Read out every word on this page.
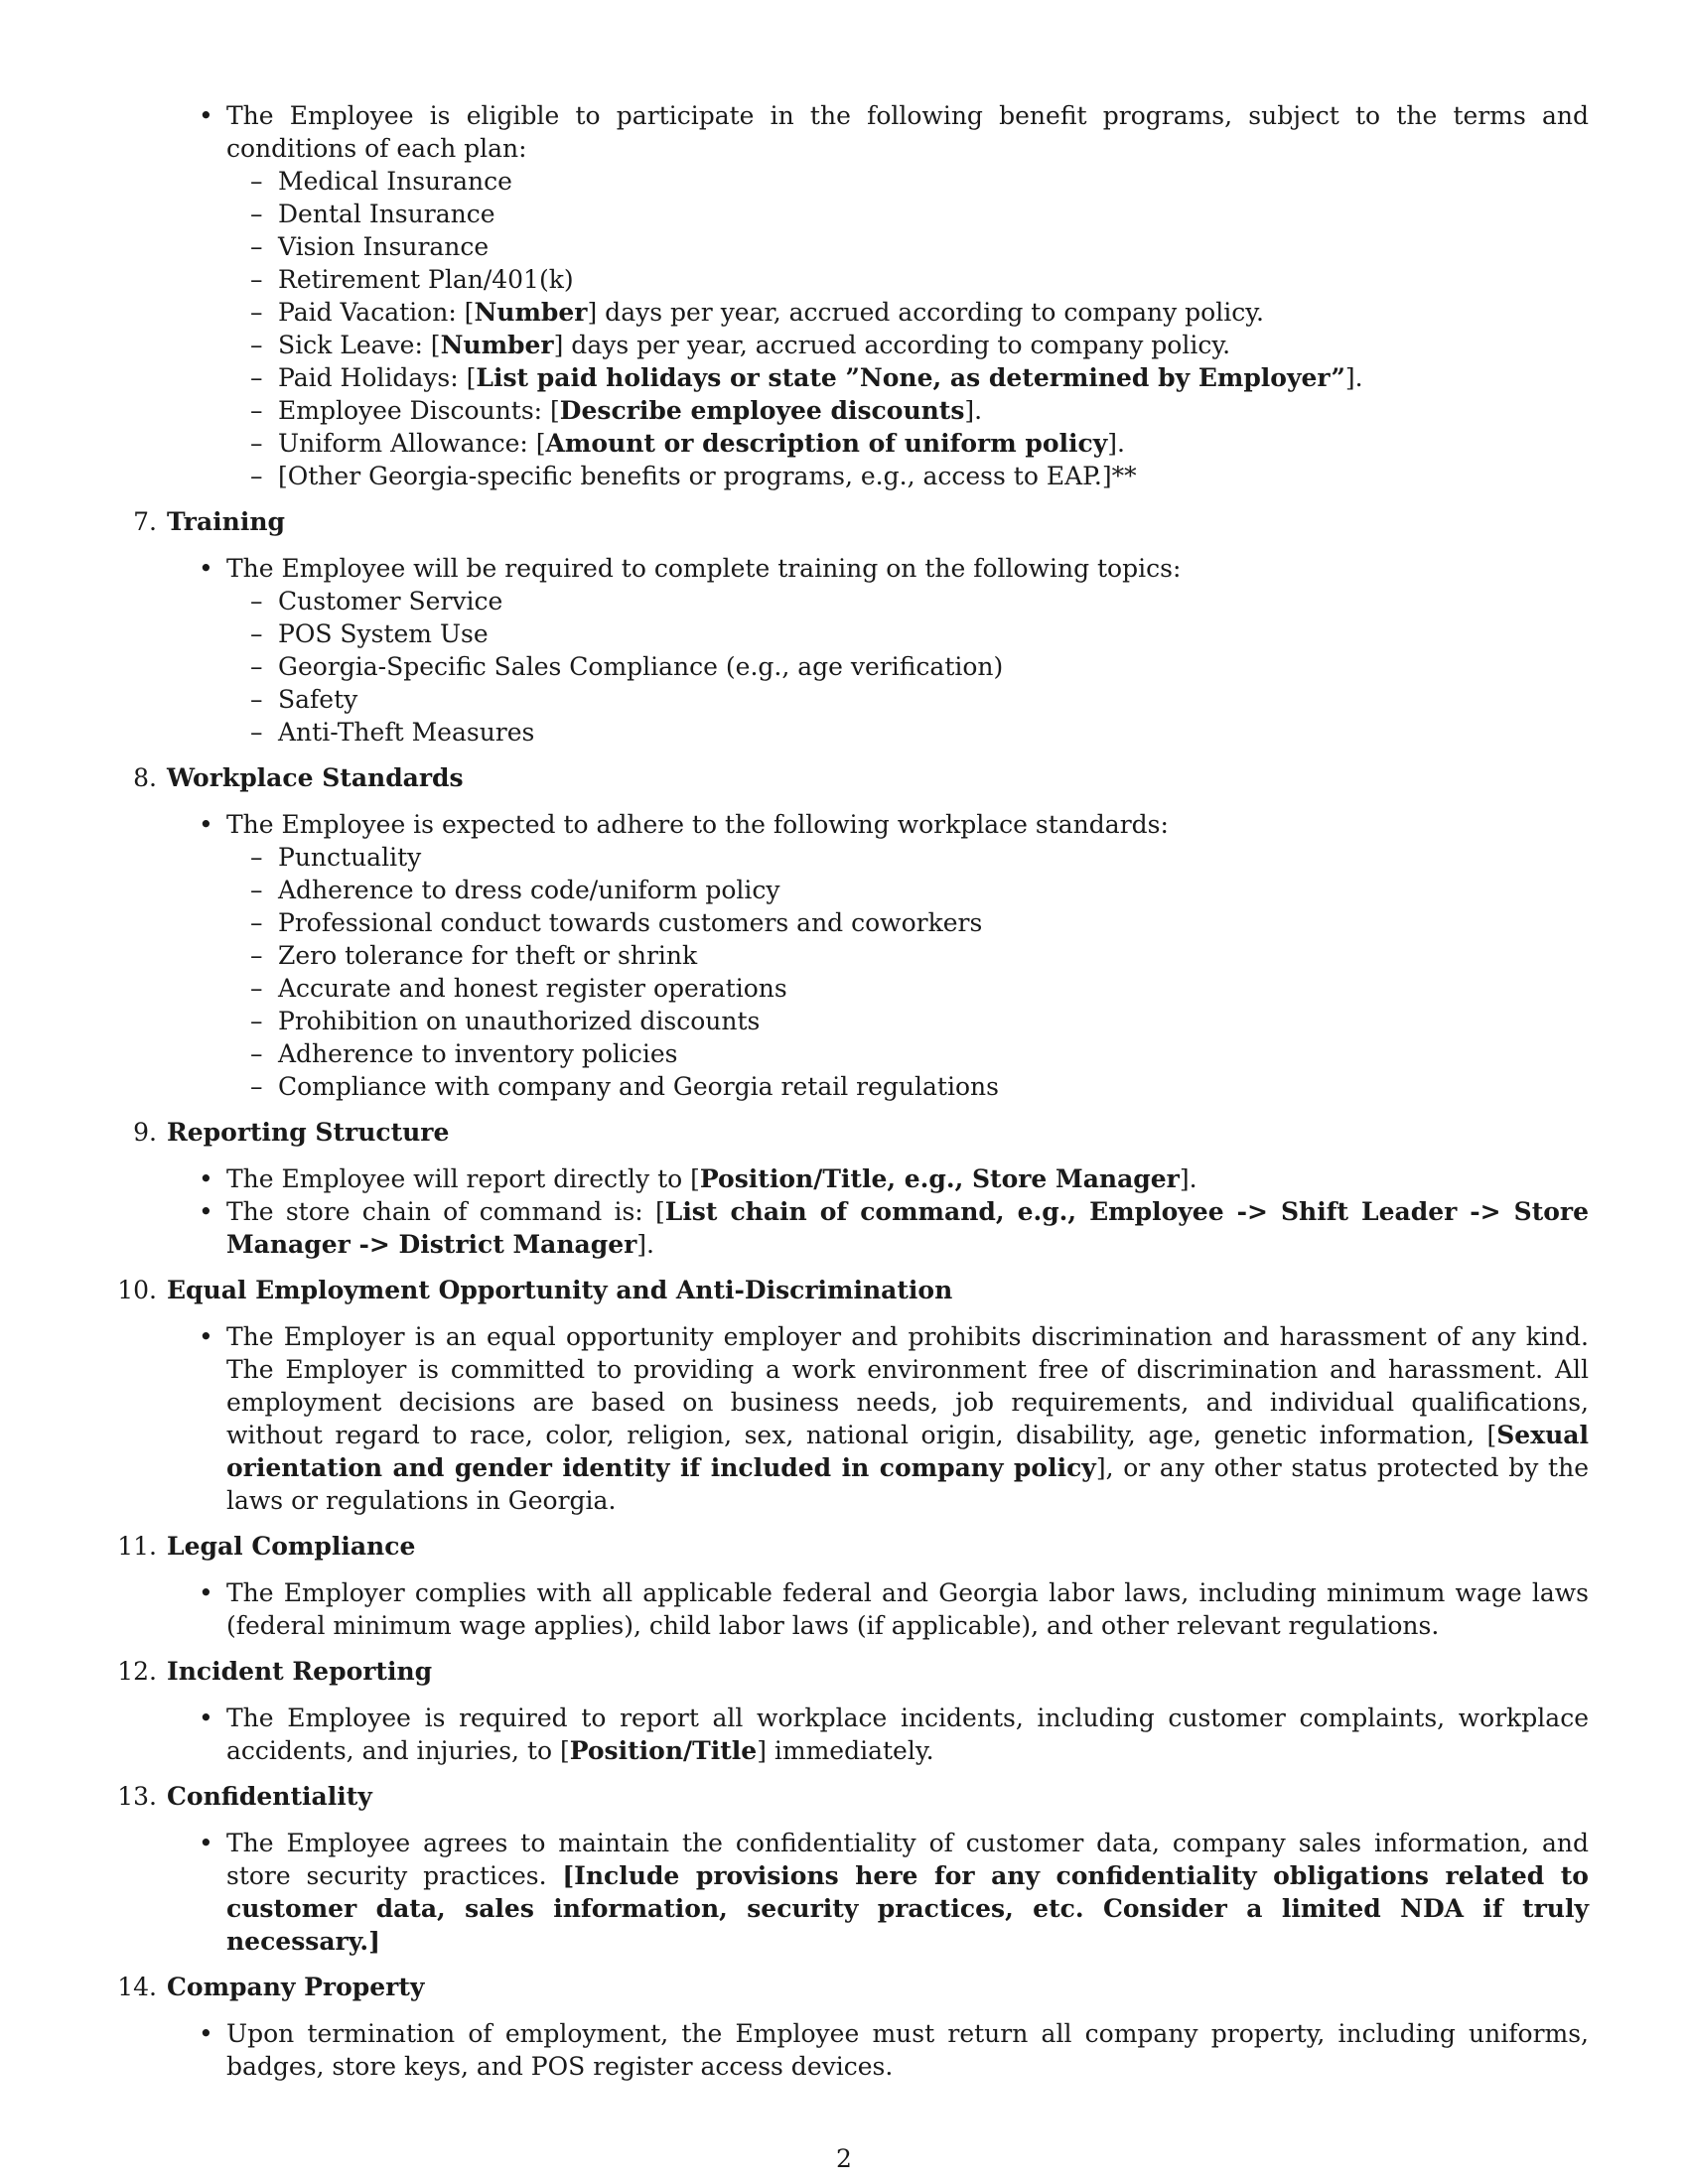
• The Employee is eligible to participate in the following benefit programs, subject to the terms and conditions of each plan:
– Medical Insurance
– Dental Insurance
– Vision Insurance
– Retirement Plan/401(k)
– Paid Vacation: [Number] days per year, accrued according to company policy.
– Sick Leave: [Number] days per year, accrued according to company policy.
– Paid Holidays: [List paid holidays or state ”None, as determined by Employer”].
– Employee Discounts: [Describe employee discounts].
– Uniform Allowance: [Amount or description of uniform policy].
– [Other Georgia-specific benefits or programs, e.g., access to EAP.]**
7. Training
• The Employee will be required to complete training on the following topics:
– Customer Service
– POS System Use
– Georgia-Specific Sales Compliance (e.g., age verification)
– Safety
– Anti-Theft Measures
8. Workplace Standards
• The Employee is expected to adhere to the following workplace standards:
– Punctuality
– Adherence to dress code/uniform policy
– Professional conduct towards customers and coworkers
– Zero tolerance for theft or shrink
– Accurate and honest register operations
– Prohibition on unauthorized discounts
– Adherence to inventory policies
– Compliance with company and Georgia retail regulations
9. Reporting Structure
• The Employee will report directly to [Position/Title, e.g., Store Manager].
• The store chain of command is: [List chain of command, e.g., Employee -> Shift Leader -> Store Manager -> District Manager].
10. Equal Employment Opportunity and Anti-Discrimination
• The Employer is an equal opportunity employer and prohibits discrimination and harassment of any kind. The Employer is committed to providing a work environment free of discrimination and harassment. All employment decisions are based on business needs, job requirements, and individual qualifications, without regard to race, color, religion, sex, national origin, disability, age, genetic information, [Sexual orientation and gender identity if included in company policy], or any other status protected by the laws or regulations in Georgia.
11. Legal Compliance
• The Employer complies with all applicable federal and Georgia labor laws, including minimum wage laws (federal minimum wage applies), child labor laws (if applicable), and other relevant regulations.
12. Incident Reporting
• The Employee is required to report all workplace incidents, including customer complaints, workplace accidents, and injuries, to [Position/Title] immediately.
13. Confidentiality
• The Employee agrees to maintain the confidentiality of customer data, company sales information, and store security practices. [Include provisions here for any confidentiality obligations related to customer data, sales information, security practices, etc. Consider a limited NDA if truly necessary.]
14. Company Property
• Upon termination of employment, the Employee must return all company property, including uniforms, badges, store keys, and POS register access devices.
2
